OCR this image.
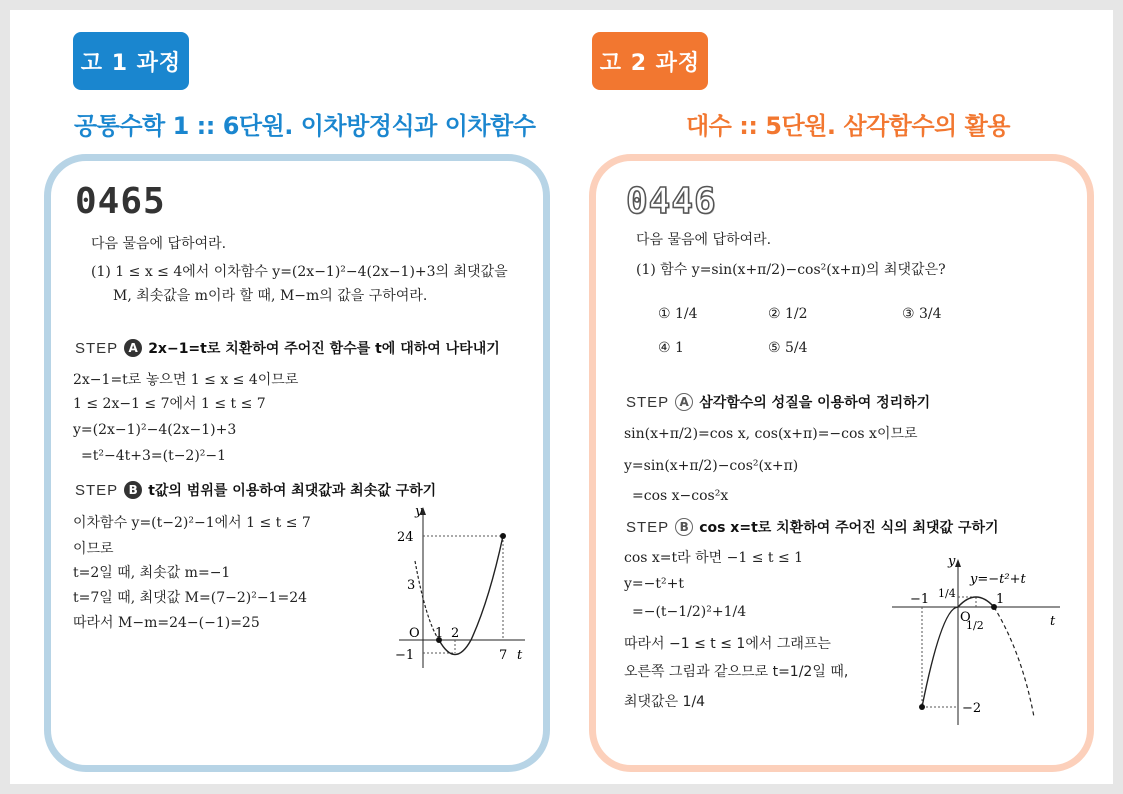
고 1 과정
공통수학 1 :: 6단원. 이차방정식과 이차함수
0465
다음 물음에 답하여라.
(1) 1 ≤ x ≤ 4에서 이차함수 y=(2x−1)²−4(2x−1)+3의 최댓값을
M, 최솟값을 m이라 할 때, M−m의 값을 구하여라.
STEP A 2x−1=t로 치환하여 주어진 함수를 t에 대하여 나타내기
2x−1=t로 놓으면 1 ≤ x ≤ 4이므로
1 ≤ 2x−1 ≤ 7에서 1 ≤ t ≤ 7
y=(2x−1)²−4(2x−1)+3
=t²−4t+3=(t−2)²−1
STEP B t값의 범위를 이용하여 최댓값과 최솟값 구하기
이차함수 y=(t−2)²−1에서 1 ≤ t ≤ 7
이므로
t=2일 때, 최솟값 m=−1
t=7일 때, 최댓값 M=(7−2)²−1=24
따라서 M−m=24−(−1)=25
y
t
O
24
3
−1
1 2
7
고 2 과정
대수 :: 5단원. 삼각함수의 활용
0446
다음 물음에 답하여라.
(1) 함수 y=sin(x+π/2)−cos²(x+π)의 최댓값은?
① 1/4	② 1/2	③ 3/4
④ 1	⑤ 5/4
STEP A 삼각함수의 성질을 이용하여 정리하기
sin(x+π/2)=cos x, cos(x+π)=−cos x이므로
y=sin(x+π/2)−cos²(x+π)
=cos x−cos²x
STEP B cos x=t로 치환하여 주어진 식의 최댓값 구하기
cos x=t라 하면 −1 ≤ t ≤ 1
y=−t²+t
=−(t−1/2)²+1/4
따라서 −1 ≤ t ≤ 1에서 그래프는
오른쪽 그림과 같으므로 t=1/2일 때,
최댓값은 1/4
y
t
O
y=−t²+t
−1	1
1/4
1/2
−2
